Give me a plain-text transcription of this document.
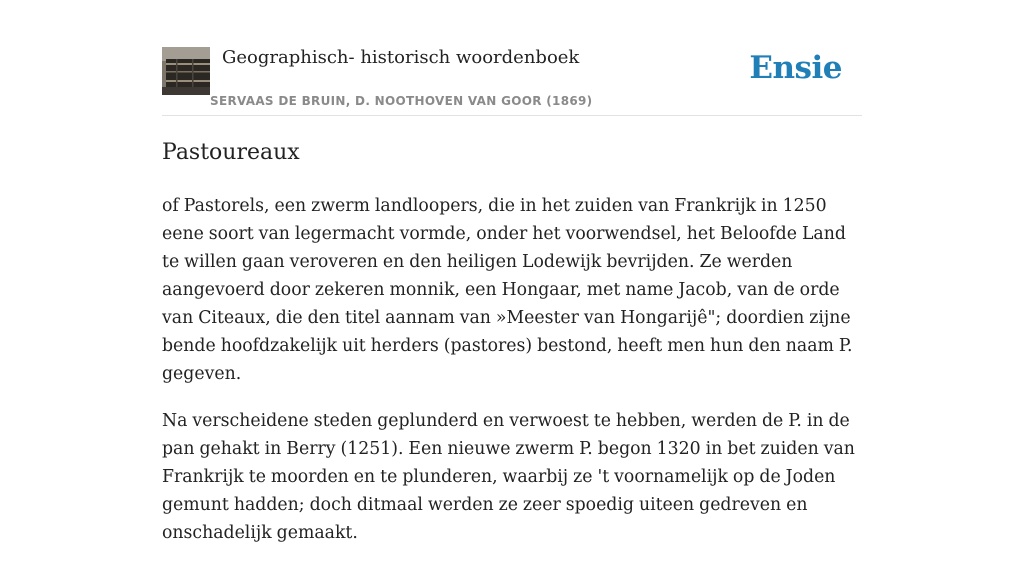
Geographisch- historisch woordenboek
SERVAAS DE BRUIN, D. NOOTHOVEN VAN GOOR (1869)
Ensie
Pastoureaux

of Pastorels, een zwerm landloopers, die in het zuiden van Frankrijk in 1250 eene soort van legermacht vormde, onder het voorwendsel, het Beloofde Land te willen gaan veroveren en den heiligen Lodewijk bevrijden. Ze werden aangevoerd door zekeren monnik, een Hongaar, met name Jacob, van de orde van Citeaux, die den titel aannam van »Meester van Hongarijê"; doordien zijne bende hoofdzakelijk uit herders (pastores) bestond, heeft men hun den naam P. gegeven.

Na verscheidene steden geplunderd en verwoest te hebben, werden de P. in de pan gehakt in Berry (1251). Een nieuwe zwerm P. begon 1320 in bet zuiden van Frankrijk te moorden en te plunderen, waarbij ze 't voornamelijk op de Joden gemunt hadden; doch ditmaal werden ze zeer spoedig uiteen gedreven en onschadelijk gemaakt.
